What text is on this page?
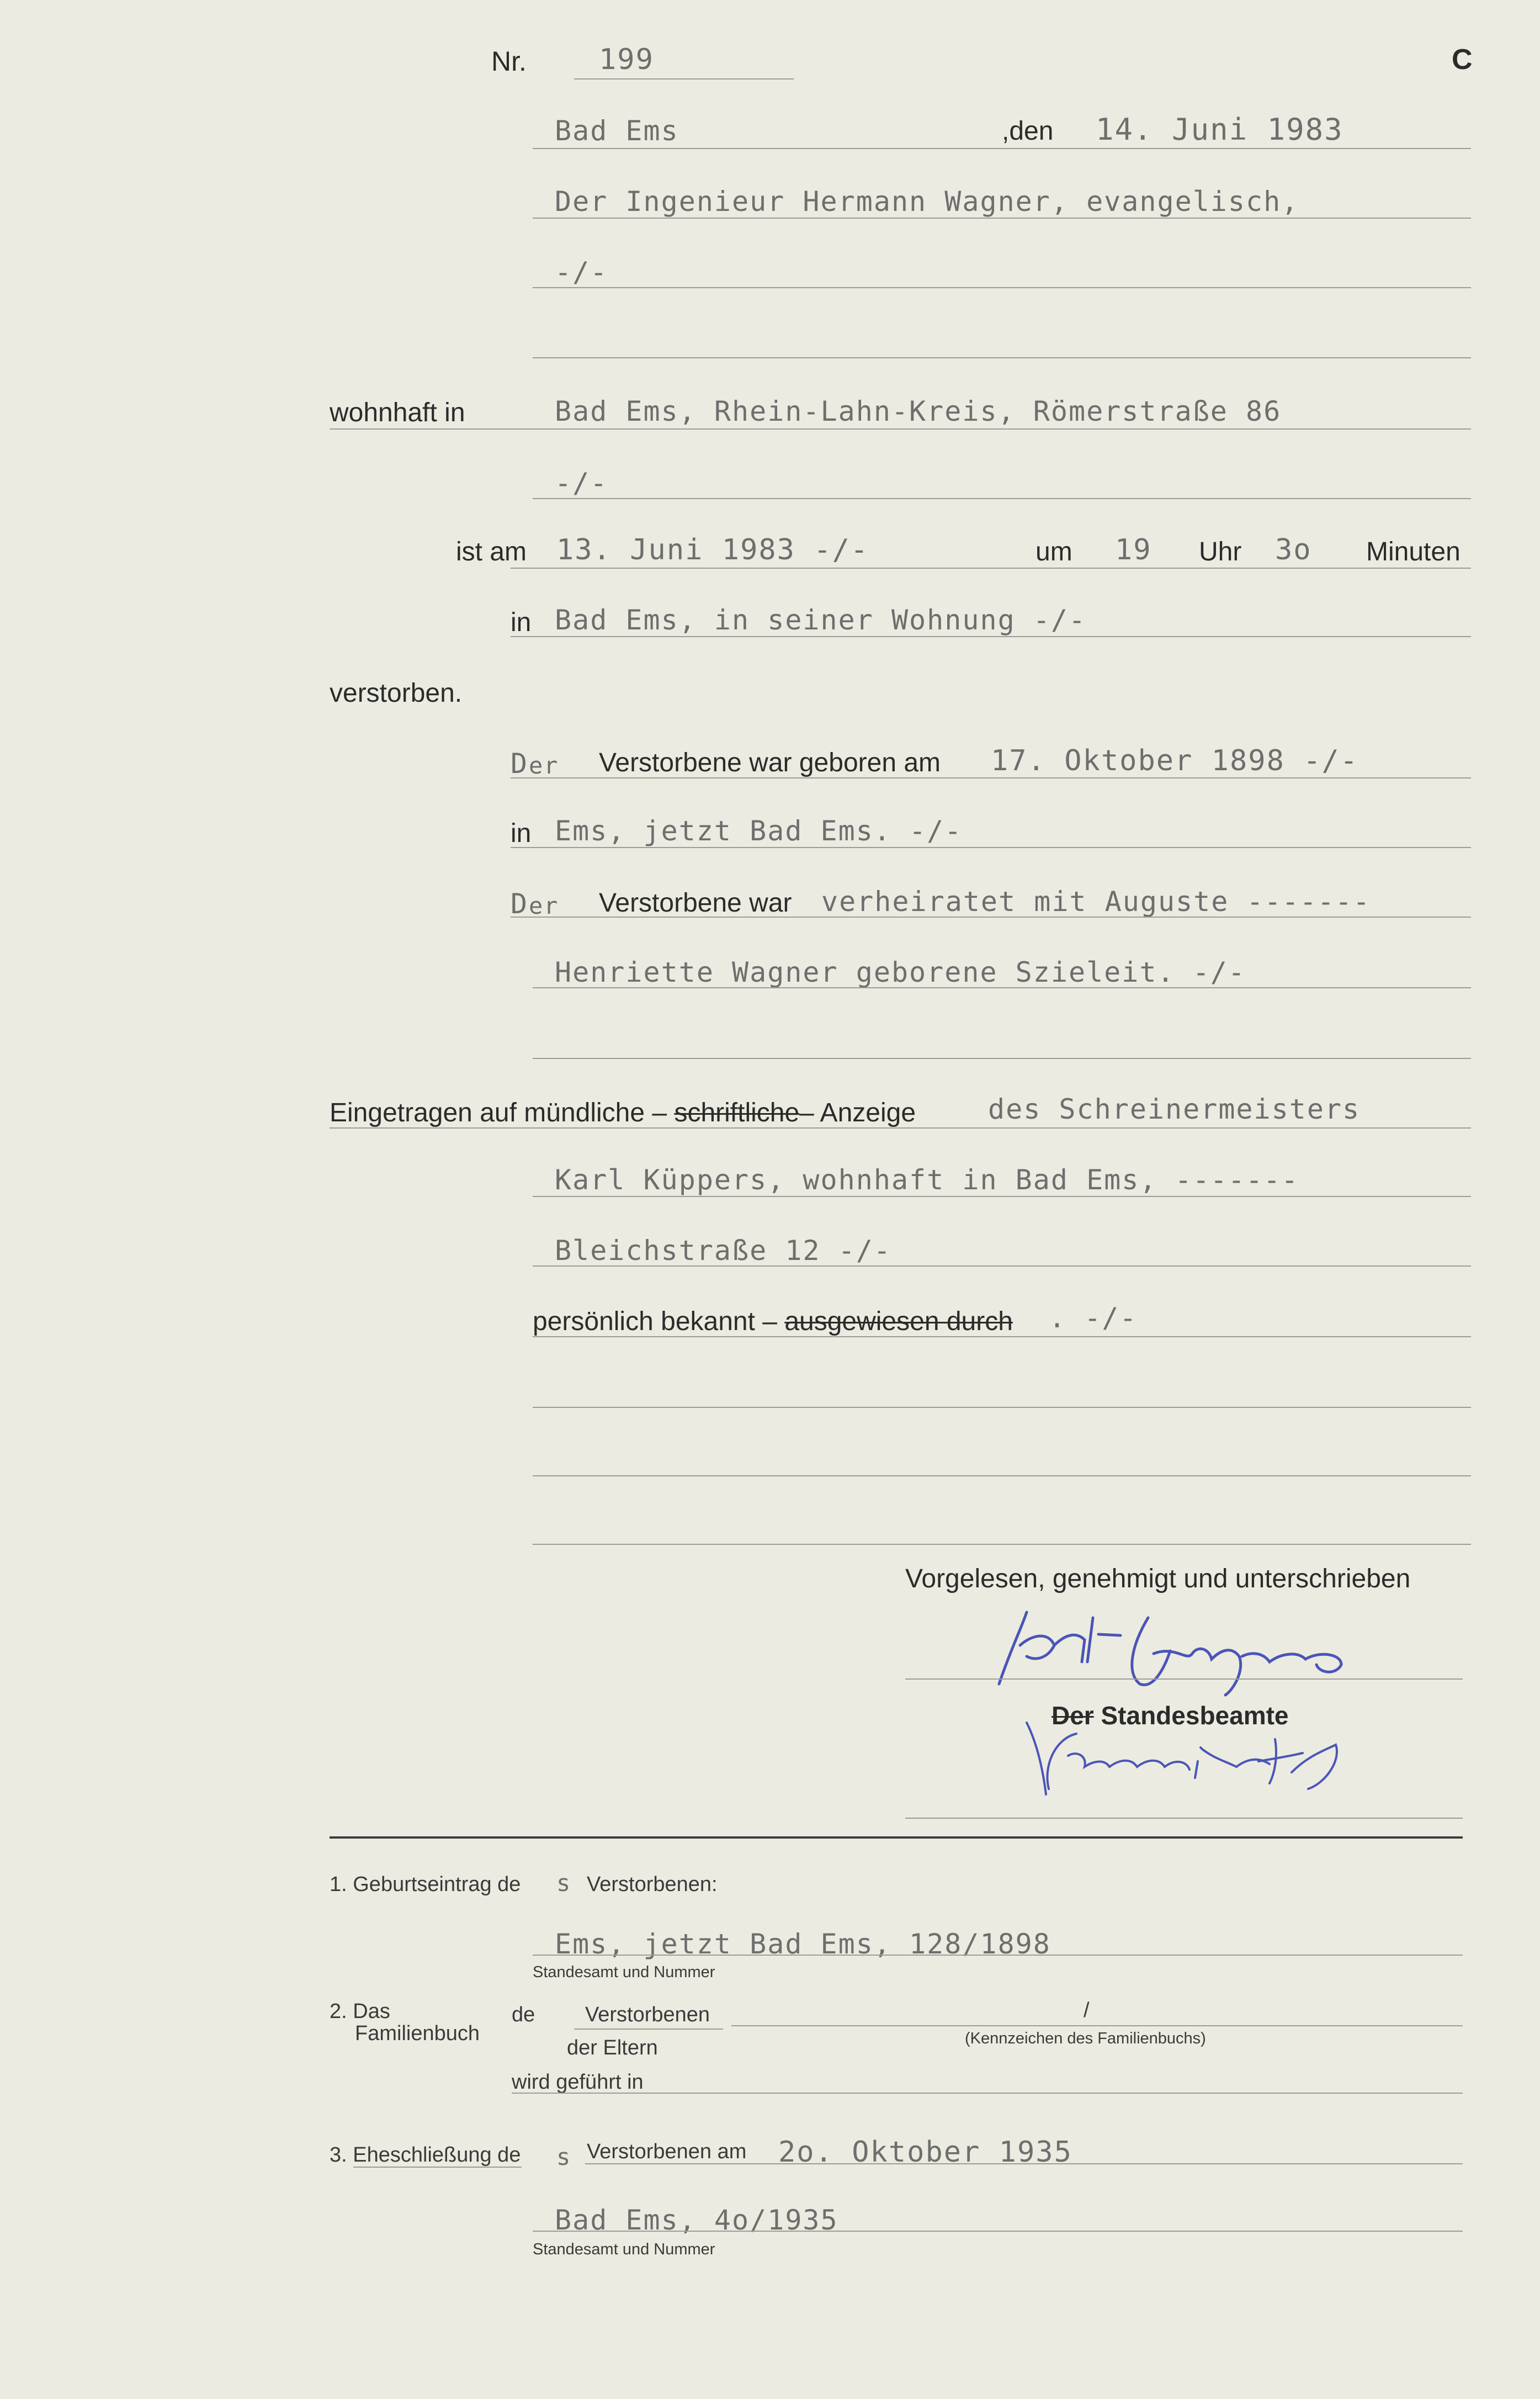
Nr.	199	C
Bad Ems	,den 14. Juni 1983
Der Ingenieur Hermann Wagner, evangelisch,
-/-
wohnhaft in	Bad Ems, Rhein-Lahn-Kreis, Römerstraße 86
-/-
ist am 13. Juni 1983 -/-	um 19 Uhr 3o Minuten
in Bad Ems, in seiner Wohnung -/-
verstorben.
D er Verstorbene war geboren am 17. Oktober 1898 -/-
in Ems, jetzt Bad Ems. -/-
D er Verstorbene war verheiratet mit Auguste -------
Henriette Wagner geborene Szieleit. -/-
Eingetragen auf mündliche – schriftliche– Anzeige	des Schreinermeisters
Karl Küppers, wohnhaft in Bad Ems, -------
Bleichstraße 12 -/-
persönlich bekannt – ausgewiesen durch . -/-
Vorgelesen, genehmigt und unterschrieben
Der Standesbeamte
1. Geburtseintrag de s Verstorbenen:
Ems, jetzt Bad Ems, 128/1898
Standesamt und Nummer
2. Das
Familienbuch
de Verstorbenen
der Eltern
/
(Kennzeichen des Familienbuchs)
wird geführt in
3. Eheschließung de s Verstorbenen am 2o. Oktober 1935
Bad Ems, 4o/1935
Standesamt und Nummer
